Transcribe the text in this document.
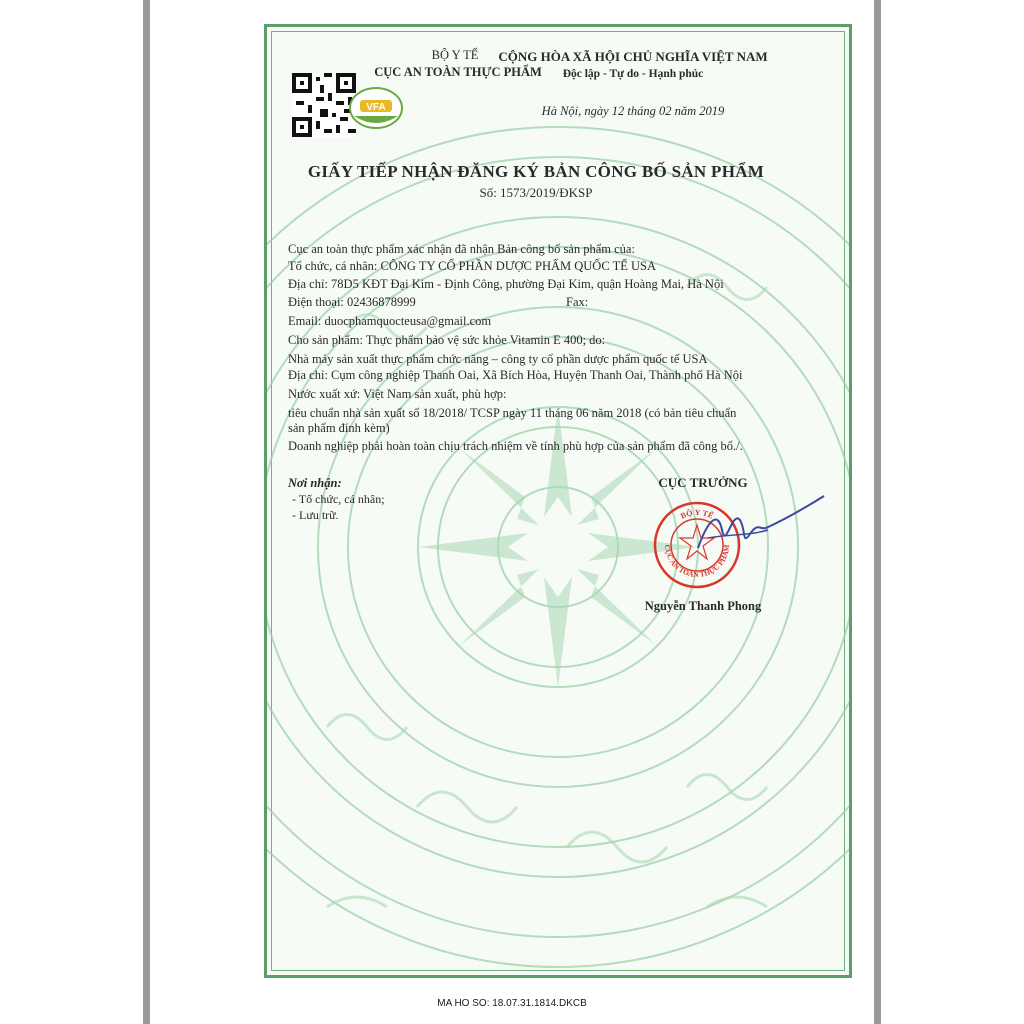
VFA
BỘ Y TẾ
CỤC AN TOÀN THỰC PHẨM
CỘNG HÒA XÃ HỘI CHỦ NGHĨA VIỆT NAM
Độc lập - Tự do - Hạnh phúc
Hà Nội, ngày 12 tháng 02 năm 2019
GIẤY TIẾP NHẬN ĐĂNG KÝ BẢN CÔNG BỐ SẢN PHẨM
Số: 1573/2019/ĐKSP
Cục an toàn thực phẩm xác nhận đã nhận Bản công bố sản phẩm của:
Tổ chức, cá nhân: CÔNG TY CỔ PHẦN DƯỢC PHẨM QUỐC TẾ USA
Địa chỉ: 78D5 KĐT Đại Kim - Định Công, phường Đại Kim, quận Hoàng Mai, Hà Nội
Điện thoại: 02436878999	Fax:
Email: duocphamquocteusa@gmail.com
Cho sản phẩm: Thực phẩm bảo vệ sức khỏe Vitamin E 400; do:
Nhà máy sản xuất thực phẩm chức năng – công ty cổ phần dược phẩm quốc tế USA
Địa chỉ: Cụm công nghiệp Thanh Oai, Xã Bích Hòa, Huyện Thanh Oai, Thành phố Hà Nội
Nước xuất xứ: Việt Nam sản xuất, phù hợp:
tiêu chuẩn nhà sản xuất số 18/2018/ TCSP ngày 11 tháng 06 năm 2018 (có bản tiêu chuẩn
sản phẩm đính kèm)
Doanh nghiệp phải hoàn toàn chịu trách nhiệm về tính phù hợp của sản phẩm đã công bố./.
Nơi nhận:
- Tổ chức, cá nhân;
- Lưu trữ.
CỤC TRƯỞNG
BỘ Y TẾ
CỤC AN TOÀN THỰC PHẨM
Nguyễn Thanh Phong
MA HO SO: 18.07.31.1814.DKCB
